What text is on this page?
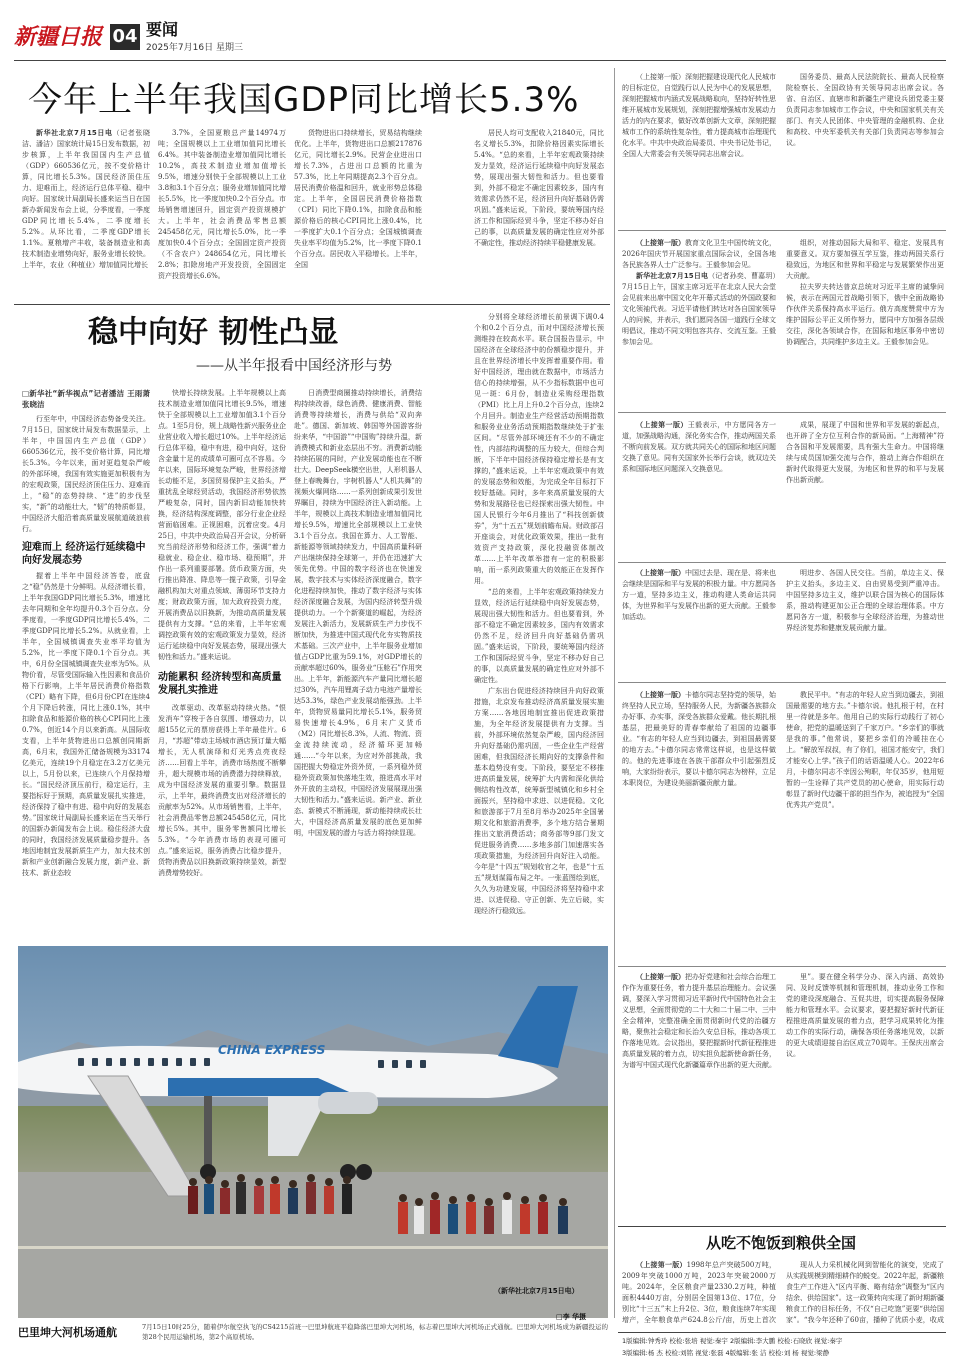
新疆日报 04 要闻
2025年7月16日 星期三
今年上半年我国GDP同比增长5.3%

新华社北京7月15日电（记者张晓洁、潘洁）国家统计局15日发布数据，初步核算，上半年我国国内生产总值（GDP）660536亿元，按不变价格计算，同比增长5.3%。国民经济顶住压力、迎难而上，经济运行总体平稳、稳中向好。国家统计局副局长盛来运当日在国新办新闻发布会上说，分季度看，一季度GDP同比增长5.4%，二季度增长5.2%。从环比看，二季度GDP增长1.1%。夏粮增产丰收，装备制造业和高技术制造业增势向好，服务业增长较快。上半年，农业（种植业）增加值同比增长

3.7%，全国夏粮总产量14974万吨；全国规模以上工业增加值同比增长6.4%。其中装备制造业增加值同比增长10.2%，高技术制造业增加值增长9.5%，增速分别快于全部规模以上工业3.8和3.1个百分点；服务业增加值同比增长5.5%，比一季度加快0.2个百分点。市场销售增速回升，固定资产投资规模扩大。上半年，社会消费品零售总额245458亿元，同比增长5.0%，比一季度加快0.4个百分点；全国固定资产投资（不含农户）248654亿元，同比增长2.8%；扣除房地产开发投资，全国固定资产投资增长6.6%。

货物进出口持续增长，贸易结构继续优化。上半年，货物进出口总额217876亿元，同比增长2.9%。民营企业进出口增长7.3%，占进出口总额的比重为57.3%，比上年同期提高2.3个百分点。居民消费价格温和回升，就业形势总体稳定。上半年，全国居民消费价格指数（CPI）同比下降0.1%，扣除食品和能源价格后的核心CPI同比上涨0.4%，比一季度扩大0.1个百分点；全国城镇调查失业率平均值为5.2%，比一季度下降0.1个百分点。居民收入平稳增长。上半年，全国

居民人均可支配收入21840元，同比名义增长5.3%，扣除价格因素实际增长5.4%。“总的来看，上半年宏观政策持续发力显效，经济运行延续稳中向好发展态势，展现出强大韧性和活力。但也要看到，外部不稳定不确定因素较多，国内有效需求仍然不足，经济回升向好基础仍需巩固。”盛来运说，下阶段，要统筹国内经济工作和国际经贸斗争，坚定不移办好自己的事，以高质量发展的确定性应对外部不确定性，推动经济持续平稳健康发展。

稳中向好 韧性凸显
——从半年报看中国经济形与势
□新华社“新华视点”记者潘洁 王雨萧 张晓洁

行至年中，中国经济态势备受关注。7月15日，国家统计局发布数据显示，上半年，中国国内生产总值（GDP）660536亿元，按不变价格计算，同比增长5.3%。今年以来，面对更趋复杂严峻的外部环境，我国有效实施更加积极有为的宏观政策，国民经济顶住压力、迎难而上，“稳”的态势持续、“进”的步伐坚实，“新”的动能壮大，“韧”的特质彰显，中国经济大船沿着高质量发展航道破浪前行。

迎难而上 经济运行延续稳中向好发展态势

握着上半年中国经济答卷，底盘之“稳”仍然是十分鲜明。从经济增长看，上半年我国GDP同比增长5.3%，增速比去年同期和全年均提升0.3个百分点。分季度看，一季度GDP同比增长5.4%，二季度GDP同比增长5.2%。从就业看，上半年，全国城镇调查失业率平均值为5.2%，比一季度下降0.1个百分点。其中，6月份全国城镇调查失业率为5%。从物价看，尽管受国际输入性因素和食品价格下行影响，上半年居民消费价格指数（CPI）略有下降，但6月份CPI在连续4个月下降后转涨，同比上涨0.1%，其中扣除食品和能源价格的核心CPI同比上涨0.7%，创近14个月以来新高。从国际收支看，上半年货物进出口总额创同期新高，6月末，我国外汇储备规模为33174亿美元，连续19个月稳定在3.2万亿美元以上，5月份以来，已连续八个月保持增长。“国民经济顶压前行，稳定运行，主要指标好于预期，高质量发展扎实推进，经济保持了稳中有进、稳中向好的发展态势。”国家统计局副局长盛来运在当天举行的国新办新闻发布会上说。稳住经济大盘的同时，我国经济发展质量稳步提升。各地因地制宜发展新质生产力，加大技术创新和产业创新融合发展力度，新产业、新技术、新业态较

快增长持续发展。上半年规模以上高技术制造业增加值同比增长9.5%，增速快于全部规模以上工业增加值3.1个百分点。1至5月份，规上战略性新兴服务业企业营业收入增长超过10%。上半年经济运行总体平稳，稳中有进，稳中向好，这份含金量十足的成绩单可圈可点不容易。今年以来，国际环境复杂严峻，世界经济增长动能不足，多国贸易保护主义抬头，严重扰乱全球经贸活动，我国经济形势依然严峻复杂，同时，国内新旧动能加快转换，经济结构深度调整，部分行业企业经营面临困难。正视困难，沉着应变。4月25日，中共中央政治局召开会议，分析研究当前经济形势和经济工作，强调“着力稳就业、稳企业、稳市场、稳预期”，并作出一系列重要部署。货币政策方面，央行推出降准、降息等一揽子政策，引导金融机构加大对重点领域、薄弱环节支持力度；财政政策方面，加大政府投资力度，开展消费品以旧换新，为推动高质量发展提供有力支撑。“总的来看，上半年宏观调控政策有效的宏观政策发力显效，经济运行延续稳中向好发展态势，展现出强大韧性和活力。”盛来运说。

动能累积 经济转型和高质量发展扎实推进

改革驱动、改革驱动持续火热。“恨发消车”穿梭于各自氛围、增强动力，以超155亿元的票房获得上半年最佳片。6月，“苏超”带动主场城市酒店预订量大幅增长，无人机演绎和灯光秀点亮夜经济……回看上半年，消费市场热度不断攀升，超大规模市场的消费潜力持续释放，成为中国经济发展的重要引擎。数据显示，上半年，最终消费支出对经济增长的贡献率为52%。从市场销售看，上半年，社会消费品零售总额245458亿元，同比增长5%。其中，服务零售额同比增长5.3%。“今年消费市场的表现可圈可点。”盛来运说，服务消费占比稳步提升，货物消费品以旧换新政策持续显效，新型消费增势较好。

日消费型商圈推动持续增长，消费结构持续改善，绿色消费、健康消费、智能消费等持续增长，消费与供给“双向奔赴”。德国、新加坡、韩国等外国游客纷纷来华，“中国游”“中国购”持续升温，新消费模式和新业态层出不穷。消费新动能持续拓展的同时，产业发展动能也在不断壮大。DeepSeek横空出世，人形机器人登上春晚舞台，宇树机器人“人机共舞”的视频火爆网络……一系列创新成果引发世界瞩目，持续为中国经济注入新动能。上半年，规模以上高技术制造业增加值同比增长9.5%，增速比全部规模以上工业快3.1个百分点。我国在算力、人工智能、新能源等领域持续发力，中国高质量科研产出继续保持全球第一，并仍在迅速扩大领先优势。中国的数字经济也在快速发展，数字技术与实体经济深度融合，数字化进程持续加快，推动了数字经济与实体经济深度融合发展，为国内经济转型升级提供动力。一个个新赛道的崛起，为经济发展注入新活力，发展新质生产力步伐不断加快，为推进中国式现代化夯实物质技术基础。三次产业中，上半年服务业增加值占GDP比重为59.1%，对GDP增长的贡献率超过60%，服务业“压舱石”作用突出。上半年，新能源汽车产量同比增长超过30%，汽车用锂离子动力电池产量增长达53.3%，绿色产业发展动能强劲。上半年，货物贸易量同比增长5.1%，服务贸易快速增长4.9%，6月末广义货币（M2）同比增长8.3%，人流、物流、资金流持续流动，经济循环更加畅通……“今年以来，为应对外部挑战，我国把握大势稳定外资外贸，一系列稳外贸稳外资政策加快落地生效，推进高水平对外开放的主动权，中国经济发展展现出强大韧性和活力。”盛来运说。新产业、新业态、新模式不断涌现，新动能持续成长壮大，中国经济高质量发展的底色更加鲜明，中国发展的潜力与活力将持续显现。

分别将全球经济增长前景调下调0.4个和0.2个百分点，而对中国经济增长预测维持在较高水平。联合国报告显示，中国经济在全球经济中的份额稳步提升，并且在世界经济增长中发挥着重要作用。看好中国经济，理由就在数据中，市场活力信心的持续增强，从不少指标数据中也可见一斑：6月份，制造业采购经理指数（PMI）比上月上升0.2个百分点，连续2个月回升。制造业生产经营活动预期指数和服务业业务活动预期指数继续处于扩张区间。“尽管外部环境还有不少的不确定性，内部结构调整的压力较大，但综合判断，下半年中国经济保持稳定增长是有支撑的，”盛来运说，上半年宏观政策中有效的发展态势和效能，为完成全年目标打下较好基础。同时，多年来高质量发展的大势和发展路径也已经探索出强大韧性。中国人民银行今年6月推出了“科技创新债券”，为“十五五”规划前瞻布局。财政部召开座谈会，对优化政策效果，推出一批有效资产支持政策，深化投融资体制改革……上半年改革举措有一定的积极影响，而一系列政策重大的效能正在发挥作用。

“总的来看，上半年宏观政策持续发力显效，经济运行延续稳中向好发展态势，展现出强大韧性和活力。但也要看到，外部不稳定不确定因素较多，国内有效需求仍然不足，经济回升向好基础仍需巩固。”盛来运说，下阶段，要统筹国内经济工作和国际经贸斗争，坚定不移办好自己的事，以高质量发展的确定性应对外部不确定性。

广东出台促进经济持续回升向好政策措施，北京发布推动经济高质量发展实施方案……各地因地制宜推出促进政策措施，为全年经济发展提供有力支撑。当前，外部环境依然复杂严峻，国内经济回升向好基础仍需巩固，一些企业生产经营困难，但我国经济长期向好的支撑条件和基本趋势没有变。下阶段，要坚定不移推进高质量发展，统筹扩大内需和深化供给侧结构性改革，统筹新型城镇化和乡村全面振兴，坚持稳中求进、以进促稳。文化和旅游部于7月至8月举办2025年全国暑期文化和旅游消费季，多个地方结合暑期推出文旅消费活动；商务部等9部门发文促进服务消费……多地多部门加速落实各项政策措施，为经济回升向好注入动能。今年是“十四五”规划收官之年，也是“十五五”规划谋篇布局之年。一张蓝图绘到底，久久为功建发展，中国经济将坚持稳中求进、以进促稳、守正创新、先立后破，实现经济行稳致远。

（上接第一版）深刻把握建设现代化人民城市的目标定位，自觉践行以人民为中心的发展思想，深刻把握城市内涵式发展战略取向，坚持好转性思维开展城市发展规划，深刻把握增强城市发展动力活力的内在要求，做好改革创新大文章，深刻把握城市工作的系统性复杂性，着力提高城市治理现代化水平。中共中央政治局委员、中央书记处书记，全国人大常委会有关领导同志出席会议。

国务委员、最高人民法院院长、最高人民检察院检察长、全国政协有关领导同志出席会议。各省、自治区、直辖市和新疆生产建设兵团党委主要负责同志参加城市工作会议，中央和国家机关有关部门、有关人民团体、中央管理的金融机构、企业和高校、中央军委机关有关部门负责同志等参加会议。

（上接第一版）教育文化卫生中国传统文化，2026年国庆节开展国家重点国际会议，全国各地各民族各界人士广泛参与。王毅参加会见。

新华社北京7月15日电（记者孙奕、曹嘉玥）7月15日上午，国家主席习近平在北京人民大会堂会见前来出席中国文化年开幕式活动的外国政要和文化领袖代表。习近平请他们转达对各自国家领导人的问候，并表示，我们愿同各国一道践行全球文明倡议，推动不同文明包容共存、交流互鉴。王毅参加会见。

组织，对推动国际大局和平、稳定、发展具有重要意义。双方要加强互学互鉴，推动两国关系行稳致远，为地区和世界和平稳定与发展繁荣作出更大贡献。

拉夫罗夫转达普京总统对习近平主席的诚挚问候，表示在两国元首战略引领下，俄中全面战略协作伙伴关系保持高水平运行。俄方高度赞赏中方为维护国际公平正义所作努力，愿同中方加强各层级交往，深化各领域合作，在国际和地区事务中密切协调配合，共同维护多边主义。王毅参加会见。

（上接第一版）王毅表示，中方愿同各方一道，加强战略沟通，深化务实合作，推动两国关系不断向前发展。双方就共同关心的国际和地区问题交换了意见。同有关国家外长举行会谈，就双边关系和国际地区问题深入交换意见。

成果，展现了中国和世界和平发展的新起点，也开辟了全方位互利合作的新局面。“上海精神”符合各国和平发展需要，具有强大生命力。中国将继续与成员国加强交流与合作，推动上海合作组织在新时代取得更大发展，为地区和世界的和平与发展作出新贡献。

（上接第一版）中国过去是、现在是、将来也会继续是国际和平与发展的积极力量。中方愿同各方一道，坚持多边主义，推动构建人类命运共同体，为世界和平与发展作出新的更大贡献。王毅参加活动。

明进步、各国人民交往。当前，单边主义、保护主义抬头，多边主义、自由贸易受到严重冲击。中国坚持多边主义，维护以联合国为核心的国际体系，推动构建更加公正合理的全球治理体系。中方愿同各方一道，积极参与全球经济治理，为推动世界经济复苏和健康发展贡献力量。

（上接第一版）卡德尔同志坚持党的领导，始终坚持人民立场，坚持服务人民，为新疆各族群众办好事、办实事，深受各族群众爱戴。他长期扎根基层，把最美好的青春奉献给了祖国的边疆事业。“有志的年轻人应当到边疆去，到祖国最需要的地方去。”卡德尔同志常常这样说，也是这样做的。他的先进事迹在各族干部群众中引起强烈反响，大家纷纷表示，要以卡德尔同志为榜样，立足本职岗位，为建设美丽新疆贡献力量。

教民平中。“有志的年轻人应当到边疆去，到祖国最需要的地方去。”卡德尔说。他扎根于村，在村里一待就是多年。他用自己的实际行动践行了初心使命，把党的温暖送到了千家万户。“乡亲们的事就是我的事。”他常说，要把乡亲们的冷暖挂在心上。“解放军叔叔，有了你们，祖国才能安宁，我们才能安心上学。”孩子们的话语温暖人心。2022年6月，卡德尔同志不幸因公殉职，年仅35岁，他用短暂的一生诠释了共产党员的初心使命，用实际行动彰显了新时代边疆干部的担当作为，被追授为“全国优秀共产党员”。

（上接第一版）把办好党建和社会综合治理工作作为重要任务，着力提升基层治理能力。会议强调，要深入学习贯彻习近平新时代中国特色社会主义思想，全面贯彻党的二十大和二十届二中、三中全会精神，完整准确全面贯彻新时代党的治疆方略，聚焦社会稳定和长治久安总目标，推动各项工作落地见效。会议指出，要把握新时代新征程推进高质量发展的着力点，切实担负起新使命新任务，为谱写中国式现代化新疆篇章作出新的更大贡献。

里”。要在健全科学分办、深入内涵、高效协同、及时反馈等机制和管理机制，推动业务工作和党的建设深度融合、互促共进，切实提高服务保障能力和管理水平。会议要求，要把握好新时代新征程推进高质量发展的着力点，把学习成果转化为推动工作的实际行动，确保各项任务落地见效，以新的更大成绩迎接自治区成立70周年。王保庆出席会议。

从吃不饱饭到粮供全国

（上接第一版）1998年总产突破500万吨，2009年突破1000万吨，2023年突破2000万吨。2024年，全区粮食产量2330.2万吨，种植面积4440万亩，分别居全国第13位、17位，分别比“十三五”末上升2位、3位，粮食连续7年实现增产，全年粮食单产624.8公斤/亩，历史上首次

现从人力采机械化网到智能化的演变，完成了从实践规模到精细耕作的蜕变。2022年起，新疆粮食生产工作进入“区内平衡、略有结余”调整为“区内结余、供给国家”。这一政策转向实现了新时期新疆粮食工作的目标任务，不仅“自己吃饱”更要“供给国家”。“我今年还种了60亩，播种了优质小麦，收成

CHINA EXPRESS
巴里坤大河机场通航	7月15日10时25分，随着伊尔航空执飞的CS4215首班一巴里坤航班平稳降落巴里坤大河机场，标志着巴里坤大河机场正式通航。巴里坤大河机场成为新疆投运的第28个民用运输机场，第2个高原机场。
□李 华摄
（新华社北京7月15日电）
1版编辑:钟秀玲 校检:张培 视觉:秦宇 2版编辑:李大鹏 校检:石晓欣 视觉:秦宇
3版编辑:杨 杰 校检:刘铭 视觉:张磊 4版编辑:张 洁 校检:刘 杨 视觉:梁静
